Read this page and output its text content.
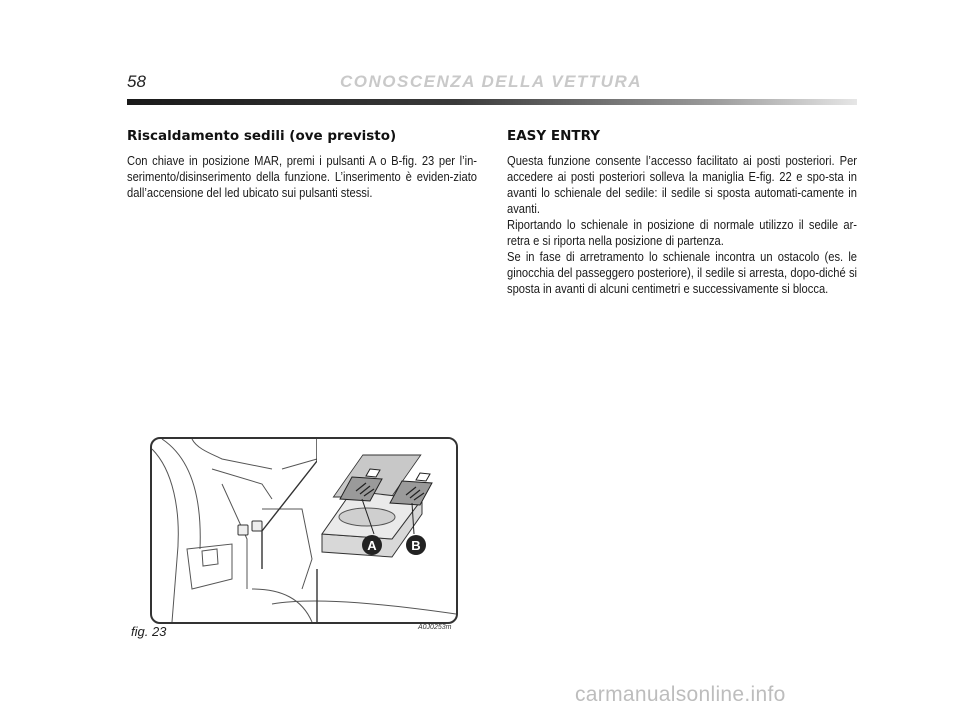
58	CONOSCENZA DELLA VETTURA
Riscaldamento sedili (ove previsto)

Con chiave in posizione MAR, premi i pulsanti A o B-fig. 23 per l’in-serimento/disinserimento della funzione. L’inserimento è eviden-ziato dall’accensione del led ubicato sui pulsanti stessi.

EASY ENTRY

Questa funzione consente l’accesso facilitato ai posti posteriori. Per accedere ai posti posteriori solleva la maniglia E-fig. 22 e spo-sta in avanti lo schienale del sedile: il sedile si sposta automati-camente in avanti.

Riportando lo schienale in posizione di normale utilizzo il sedile ar-retra e si riporta nella posizione di partenza.

Se in fase di arretramento lo schienale incontra un ostacolo (es. le ginocchia del passeggero posteriore), il sedile si arresta, dopo-diché si sposta in avanti di alcuni centimetri e successivamente si blocca.

A	B
fig. 23	A0J0253m
carmanualsonline.info
